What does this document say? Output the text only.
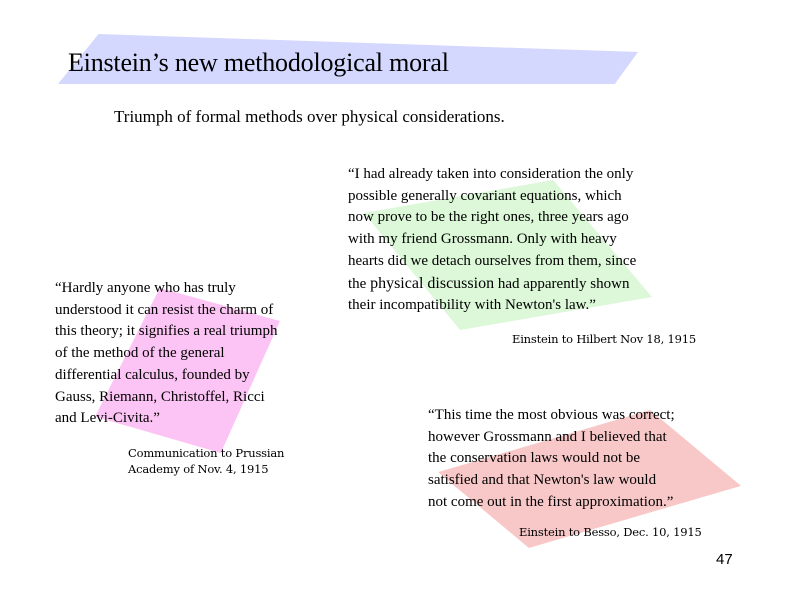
Einstein’s new methodological moral
Triumph of formal methods over physical considerations.

“I had already taken into consideration the only
possible generally covariant equations, which
now prove to be the right ones, three years ago
with my friend Grossmann. Only with heavy
hearts did we detach ourselves from them, since
the physical discussion had apparently shown
their incompatibility with Newton's law.”

Einstein to Hilbert Nov 18, 1915

“Hardly anyone who has truly
understood it can resist the charm of
this theory; it signifies a real triumph
of the method of the general
differential calculus, founded by
Gauss, Riemann, Christoffel, Ricci
and Levi-Civita.”

Communication to Prussian
Academy of Nov. 4, 1915

“This time the most obvious was correct;
however Grossmann and I believed that
the conservation laws would not be
satisfied and that Newton's law would
not come out in the first approximation.”

Einstein to Besso, Dec. 10, 1915
47
